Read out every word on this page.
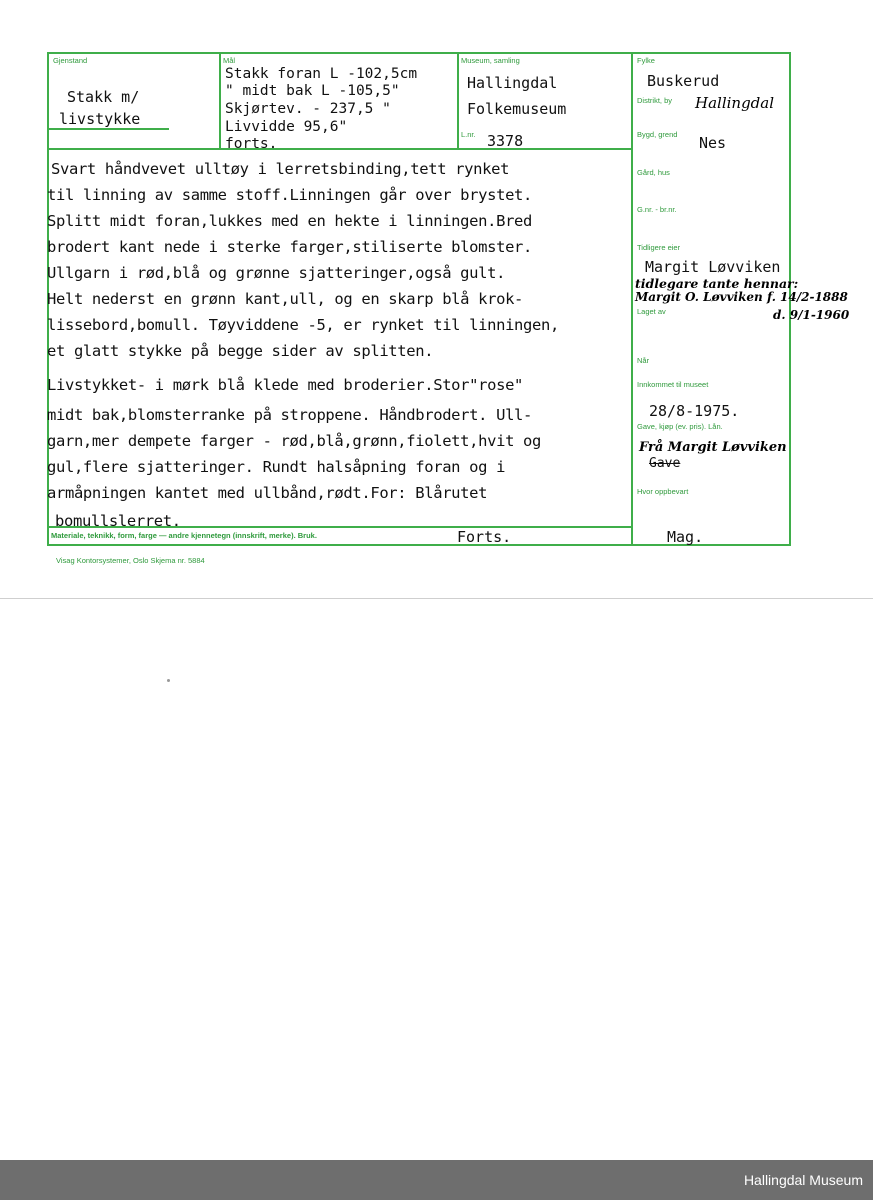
Gjenstand	Mål	Museum, samling
L.nr.
Fylke
Distrikt, by
Bygd, grend
Gård, hus
G.nr. - br.nr.
Tidligere eier
Laget av
Når
Innkommet til museet
Gave, kjøp (ev. pris). Lån.
Hvor oppbevart
Materiale, teknikk, form, farge — andre kjennetegn (innskrift, merke). Bruk.
Stakk m/
livstykke
Stakk foran L -102,5cm
" midt bak L -105,5"
Skjørtev. - 237,5 "
Livvidde 95,6"
forts.
Hallingdal
Folkemuseum
3378
Buskerud
Hallingdal
Nes
Margit Løvviken
tidlegare tante hennar:
Margit O. Løvviken f. 14/2-1888
d. 9/1-1960
28/8-1975.
Frå Margit Løvviken
Gave
Mag.
Forts.
Svart håndvevet ulltøy i lerretsbinding,tett rynket
til linning av samme stoff.Linningen går over brystet.
Splitt midt foran,lukkes med en hekte i linningen.Bred
brodert kant nede i sterke farger,stiliserte blomster.
Ullgarn i rød,blå og grønne sjatteringer,også gult.
Helt nederst en grønn kant,ull, og en skarp blå krok-
lissebord,bomull. Tøyviddene -5, er rynket til linningen,
et glatt stykke på begge sider av splitten.
Livstykket- i mørk blå klede med broderier.Stor"rose"
midt bak,blomsterranke på stroppene. Håndbrodert. Ull-
garn,mer dempete farger - rød,blå,grønn,fiolett,hvit og
gul,flere sjatteringer. Rundt halsåpning foran og i
armåpningen kantet med ullbånd,rødt.For: Blårutet
bomullslerret.
Visag Kontorsystemer, Oslo Skjema nr. 5884
Hallingdal Museum
